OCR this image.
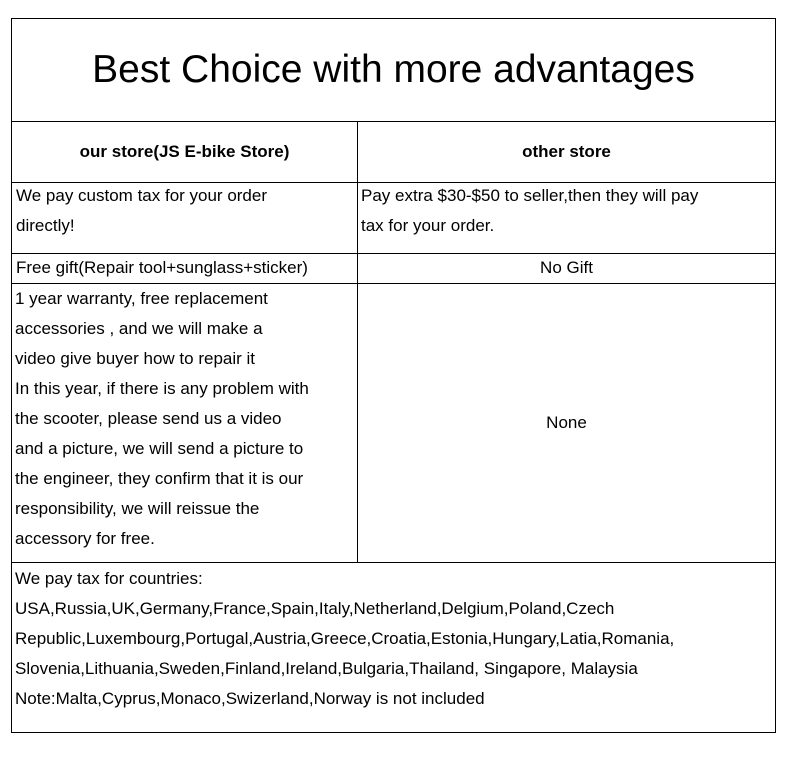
Best Choice with more advantages
our store(JS E-bike Store)	other store
We pay custom tax for your order
directly!
Pay extra $30-$50 to seller,then they will pay
tax for your order.
Free gift(Repair tool+sunglass+sticker)	No Gift
1 year warranty, free replacement
accessories , and we will make a
video give buyer how to repair it
In this year, if there is any problem with
the scooter, please send us a video
and a picture, we will send a picture to
the engineer, they confirm that it is our
responsibility, we will reissue the
accessory for free.
None
We pay tax for countries:
USA,Russia,UK,Germany,France,Spain,Italy,Netherland,Delgium,Poland,Czech
Republic,Luxembourg,Portugal,Austria,Greece,Croatia,Estonia,Hungary,Latia,Romania,
Slovenia,Lithuania,Sweden,Finland,Ireland,Bulgaria,Thailand, Singapore, Malaysia
Note:Malta,Cyprus,Monaco,Swizerland,Norway is not included
